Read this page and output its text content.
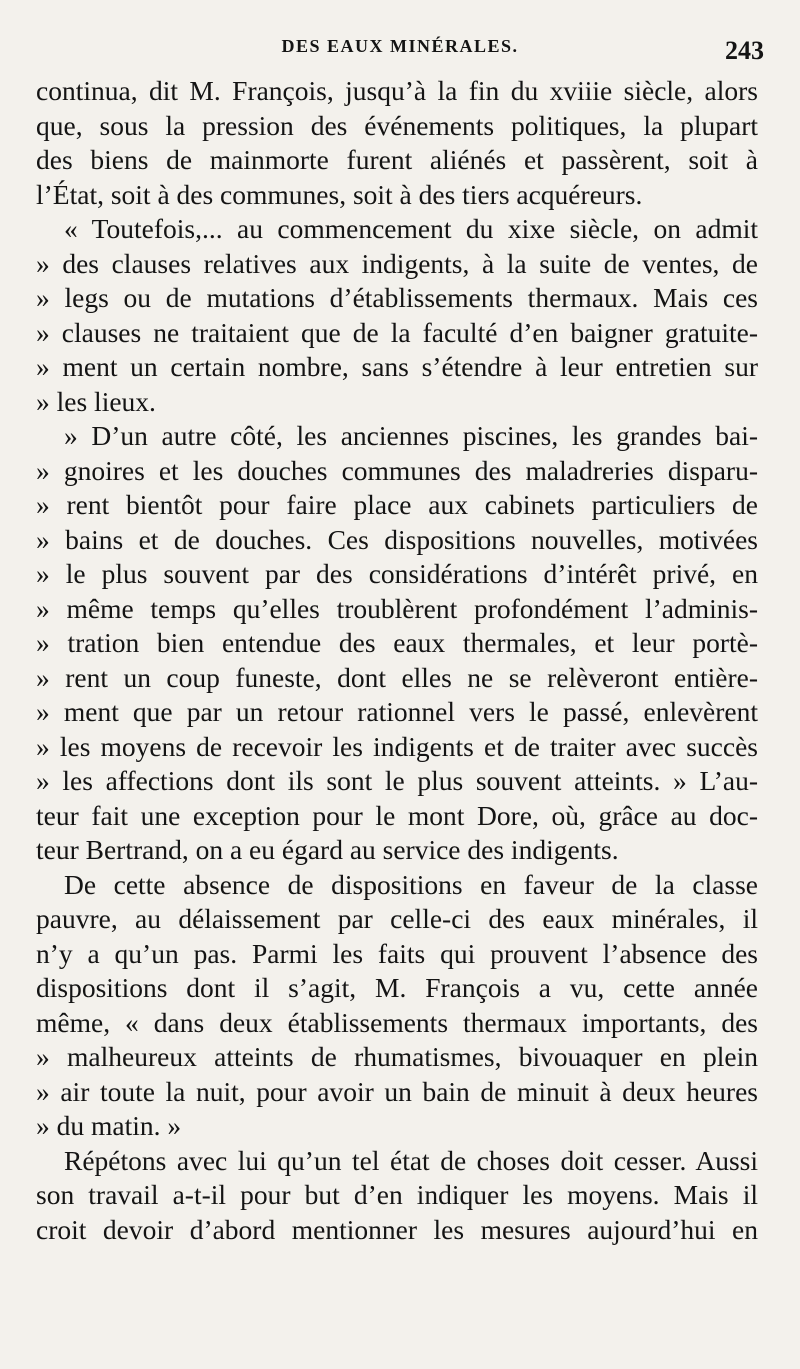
DES EAUX MINÉRALES.	243
continua, dit M. François, jusqu’à la fin du xviiie siècle, alors
que, sous la pression des événements politiques, la plupart
des biens de mainmorte furent aliénés et passèrent, soit à
l’État, soit à des communes, soit à des tiers acquéreurs.
« Toutefois,... au commencement du xixe siècle, on admit
» des clauses relatives aux indigents, à la suite de ventes, de
» legs ou de mutations d’établissements thermaux. Mais ces
» clauses ne traitaient que de la faculté d’en baigner gratuite-
» ment un certain nombre, sans s’étendre à leur entretien sur
» les lieux.
» D’un autre côté, les anciennes piscines, les grandes bai-
» gnoires et les douches communes des maladreries disparu-
» rent bientôt pour faire place aux cabinets particuliers de
» bains et de douches. Ces dispositions nouvelles, motivées
» le plus souvent par des considérations d’intérêt privé, en
» même temps qu’elles troublèrent profondément l’adminis-
» tration bien entendue des eaux thermales, et leur portè-
» rent un coup funeste, dont elles ne se relèveront entière-
» ment que par un retour rationnel vers le passé, enlevèrent
» les moyens de recevoir les indigents et de traiter avec succès
» les affections dont ils sont le plus souvent atteints. » L’au-
teur fait une exception pour le mont Dore, où, grâce au doc-
teur Bertrand, on a eu égard au service des indigents.
De cette absence de dispositions en faveur de la classe
pauvre, au délaissement par celle-ci des eaux minérales, il
n’y a qu’un pas. Parmi les faits qui prouvent l’absence des
dispositions dont il s’agit, M. François a vu, cette année
même, « dans deux établissements thermaux importants, des
» malheureux atteints de rhumatismes, bivouaquer en plein
» air toute la nuit, pour avoir un bain de minuit à deux heures
» du matin. »
Répétons avec lui qu’un tel état de choses doit cesser. Aussi
son travail a-t-il pour but d’en indiquer les moyens. Mais il
croit devoir d’abord mentionner les mesures aujourd’hui en
